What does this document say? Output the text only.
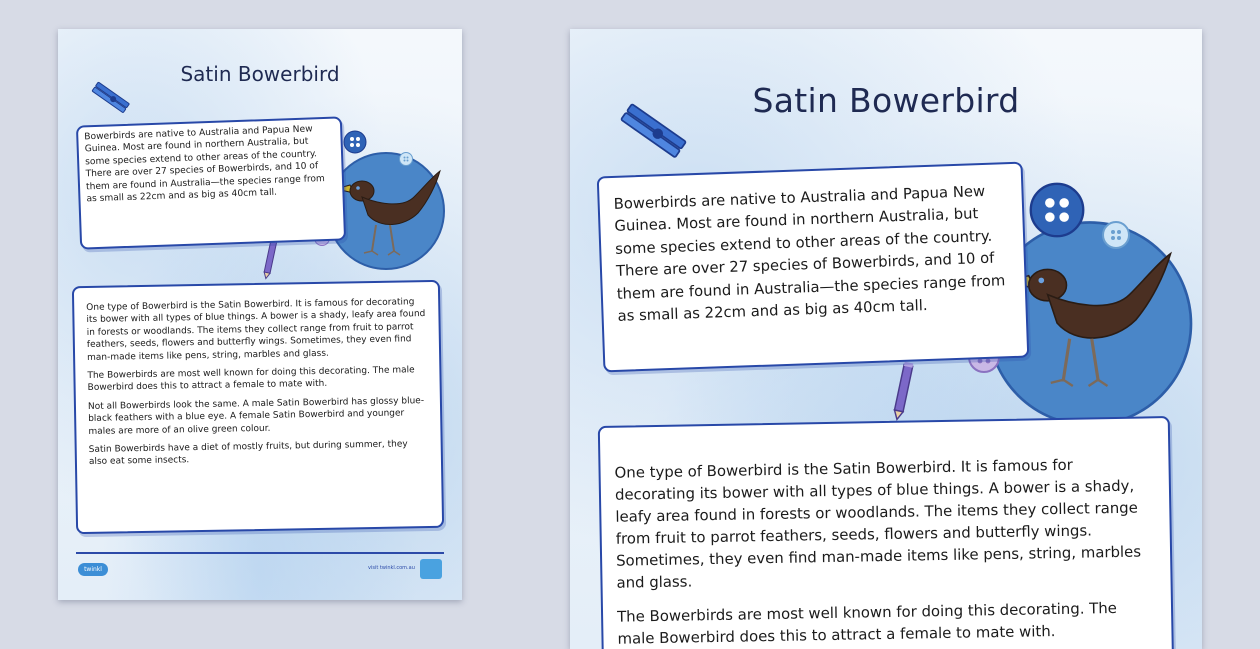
Satin Bowerbird

Bowerbirds are native to Australia and Papua New Guinea. Most are found in northern Australia, but some species extend to other areas of the country. There are over 27 species of Bowerbirds, and 10 of them are found in Australia—the species range from as small as 22cm and as big as 40cm tall.

One type of Bowerbird is the Satin Bowerbird. It is famous for decorating its bower with all types of blue things. A bower is a shady, leafy area found in forests or woodlands. The items they collect range from fruit to parrot feathers, seeds, flowers and butterfly wings. Sometimes, they even find man-made items like pens, string, marbles and glass.

The Bowerbirds are most well known for doing this decorating. The male Bowerbird does this to attract a female to mate with.

Not all Bowerbirds look the same. A male Satin Bowerbird has glossy blue-black feathers with a blue eye. A female Satin Bowerbird and younger males are more of an olive green colour.

Satin Bowerbirds have a diet of mostly fruits, but during summer, they also eat some insects.

twinkl	visit twinkl.com.au
Satin Bowerbird

Bowerbirds are native to Australia and Papua New Guinea. Most are found in northern Australia, but some species extend to other areas of the country. There are over 27 species of Bowerbirds, and 10 of them are found in Australia—the species range from as small as 22cm and as big as 40cm tall.

One type of Bowerbird is the Satin Bowerbird. It is famous for decorating its bower with all types of blue things. A bower is a shady, leafy area found in forests or woodlands. The items they collect range from fruit to parrot feathers, seeds, flowers and butterfly wings. Sometimes, they even find man-made items like pens, string, marbles and glass.

The Bowerbirds are most well known for doing this decorating. The male Bowerbird does this to attract a female to mate with.
